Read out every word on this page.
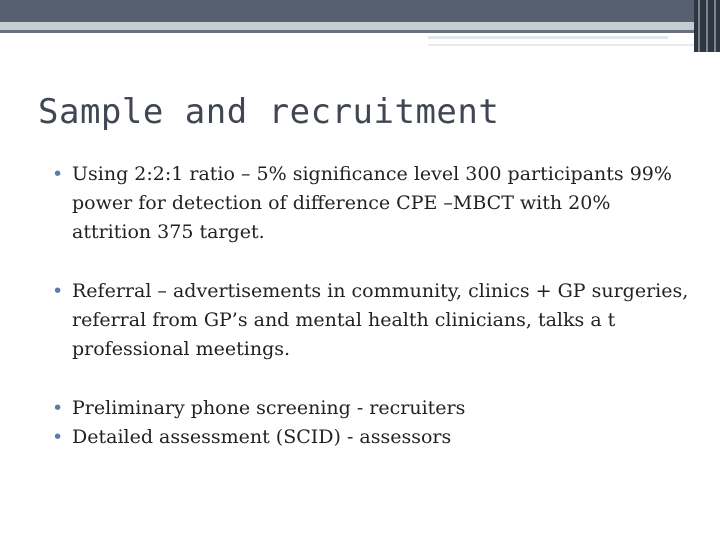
Sample and recruitment
• Using 2:2:1 ratio – 5% significance level 300 participants 99% power for detection of difference CPE –MBCT with 20% attrition 375 target.
• Referral – advertisements in community, clinics + GP surgeries, referral from GP’s and mental health clinicians, talks a t professional meetings.
• Preliminary phone screening - recruiters
• Detailed assessment (SCID) - assessors
